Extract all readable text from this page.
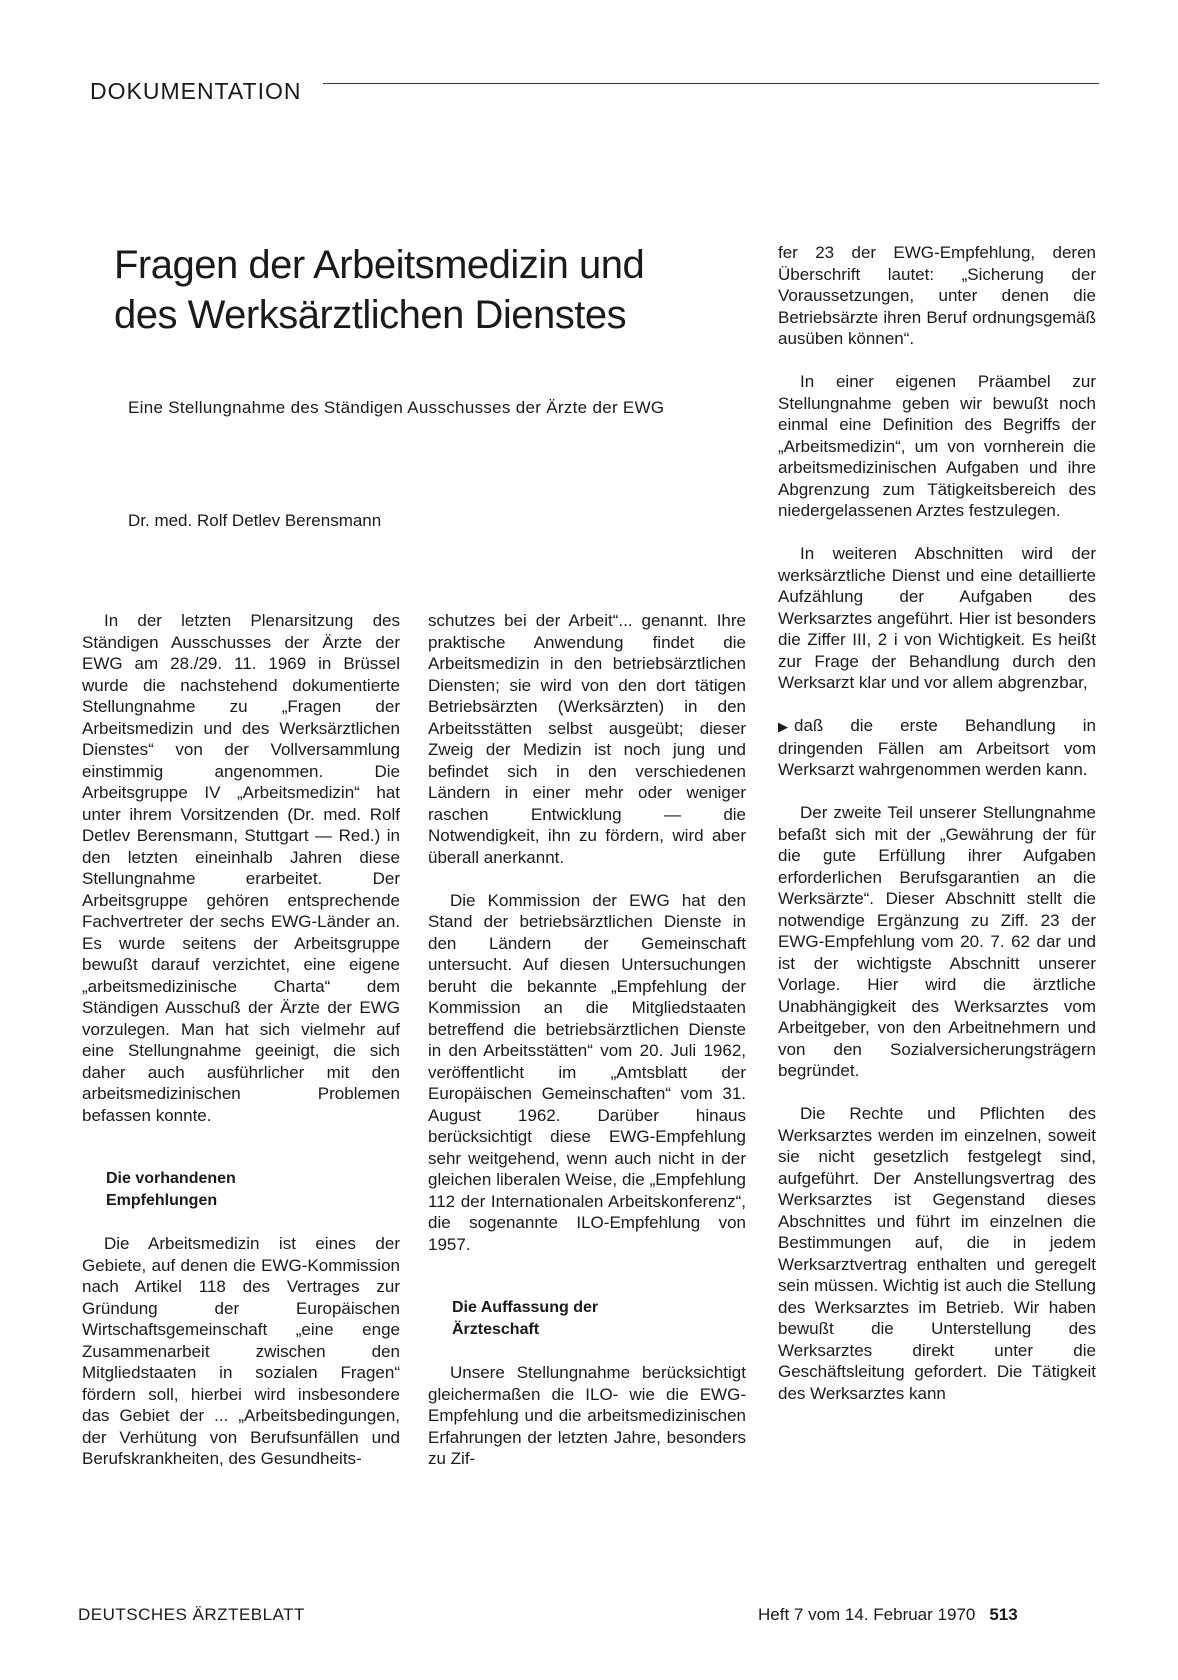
DOKUMENTATION
Fragen der Arbeitsmedizin und
des Werksärztlichen Dienstes
Eine Stellungnahme des Ständigen Ausschusses der Ärzte der EWG
Dr. med. Rolf Detlev Berensmann

In der letzten Plenarsitzung des Ständigen Ausschusses der Ärzte der EWG am 28./29. 11. 1969 in Brüssel wurde die nachstehend dokumentierte Stellungnahme zu „Fragen der Arbeitsmedizin und des Werksärztlichen Dienstes“ von der Vollversammlung einstimmig angenommen. Die Arbeitsgruppe IV „Arbeitsmedizin“ hat unter ihrem Vorsitzenden (Dr. med. Rolf Detlev Berensmann, Stuttgart — Red.) in den letzten eineinhalb Jahren diese Stellungnahme erarbeitet. Der Arbeitsgruppe gehören entsprechende Fachvertreter der sechs EWG-Länder an. Es wurde seitens der Arbeitsgruppe bewußt darauf verzichtet, eine eigene „arbeitsmedizinische Charta“ dem Ständigen Ausschuß der Ärzte der EWG vorzulegen. Man hat sich vielmehr auf eine Stellungnahme geeinigt, die sich daher auch ausführlicher mit den arbeitsmedizinischen Problemen befassen konnte.

Die vorhandenen
Empfehlungen

Die Arbeitsmedizin ist eines der Gebiete, auf denen die EWG-Kommission nach Artikel 118 des Vertrages zur Gründung der Europäischen Wirtschaftsgemeinschaft „eine enge Zusammenarbeit zwischen den Mitgliedstaaten in sozialen Fragen“ fördern soll, hierbei wird insbesondere das Gebiet der ... „Arbeitsbedingungen, der Verhütung von Berufsunfällen und Berufskrankheiten, des Gesundheits-

schutzes bei der Arbeit“... genannt. Ihre praktische Anwendung findet die Arbeitsmedizin in den betriebsärztlichen Diensten; sie wird von den dort tätigen Betriebsärzten (Werksärzten) in den Arbeitsstätten selbst ausgeübt; dieser Zweig der Medizin ist noch jung und befindet sich in den verschiedenen Ländern in einer mehr oder weniger raschen Entwicklung — die Notwendigkeit, ihn zu fördern, wird aber überall anerkannt.

Die Kommission der EWG hat den Stand der betriebsärztlichen Dienste in den Ländern der Gemeinschaft untersucht. Auf diesen Untersuchungen beruht die bekannte „Empfehlung der Kommission an die Mitgliedstaaten betreffend die betriebsärztlichen Dienste in den Arbeitsstätten“ vom 20. Juli 1962, veröffentlicht im „Amtsblatt der Europäischen Gemeinschaften“ vom 31. August 1962. Darüber hinaus berücksichtigt diese EWG-Empfehlung sehr weitgehend, wenn auch nicht in der gleichen liberalen Weise, die „Empfehlung 112 der Internationalen Arbeitskonferenz“, die sogenannte ILO-Empfehlung von 1957.

Die Auffassung der
Ärzteschaft

Unsere Stellungnahme berücksichtigt gleichermaßen die ILO- wie die EWG-Empfehlung und die arbeitsmedizinischen Erfahrungen der letzten Jahre, besonders zu Zif-

fer 23 der EWG-Empfehlung, deren Überschrift lautet: „Sicherung der Voraussetzungen, unter denen die Betriebsärzte ihren Beruf ordnungsgemäß ausüben können“.

In einer eigenen Präambel zur Stellungnahme geben wir bewußt noch einmal eine Definition des Begriffs der „Arbeitsmedizin“, um von vornherein die arbeitsmedizinischen Aufgaben und ihre Abgrenzung zum Tätigkeitsbereich des niedergelassenen Arztes festzulegen.

In weiteren Abschnitten wird der werksärztliche Dienst und eine detaillierte Aufzählung der Aufgaben des Werksarztes angeführt. Hier ist besonders die Ziffer III, 2 i von Wichtigkeit. Es heißt zur Frage der Behandlung durch den Werksarzt klar und vor allem abgrenzbar,

▶ daß die erste Behandlung in dringenden Fällen am Arbeitsort vom Werksarzt wahrgenommen werden kann.

Der zweite Teil unserer Stellungnahme befaßt sich mit der „Gewährung der für die gute Erfüllung ihrer Aufgaben erforderlichen Berufsgarantien an die Werksärzte“. Dieser Abschnitt stellt die notwendige Ergänzung zu Ziff. 23 der EWG-Empfehlung vom 20. 7. 62 dar und ist der wichtigste Abschnitt unserer Vorlage. Hier wird die ärztliche Unabhängigkeit des Werksarztes vom Arbeitgeber, von den Arbeitnehmern und von den Sozialversicherungsträgern begründet.

Die Rechte und Pflichten des Werksarztes werden im einzelnen, soweit sie nicht gesetzlich festgelegt sind, aufgeführt. Der Anstellungsvertrag des Werksarztes ist Gegenstand dieses Abschnittes und führt im einzelnen die Bestimmungen auf, die in jedem Werksarztvertrag enthalten und geregelt sein müssen. Wichtig ist auch die Stellung des Werksarztes im Betrieb. Wir haben bewußt die Unterstellung des Werksarztes direkt unter die Geschäftsleitung gefordert. Die Tätigkeit des Werksarztes kann

DEUTSCHES ÄRZTEBLATT	Heft 7 vom 14. Februar 1970 513
